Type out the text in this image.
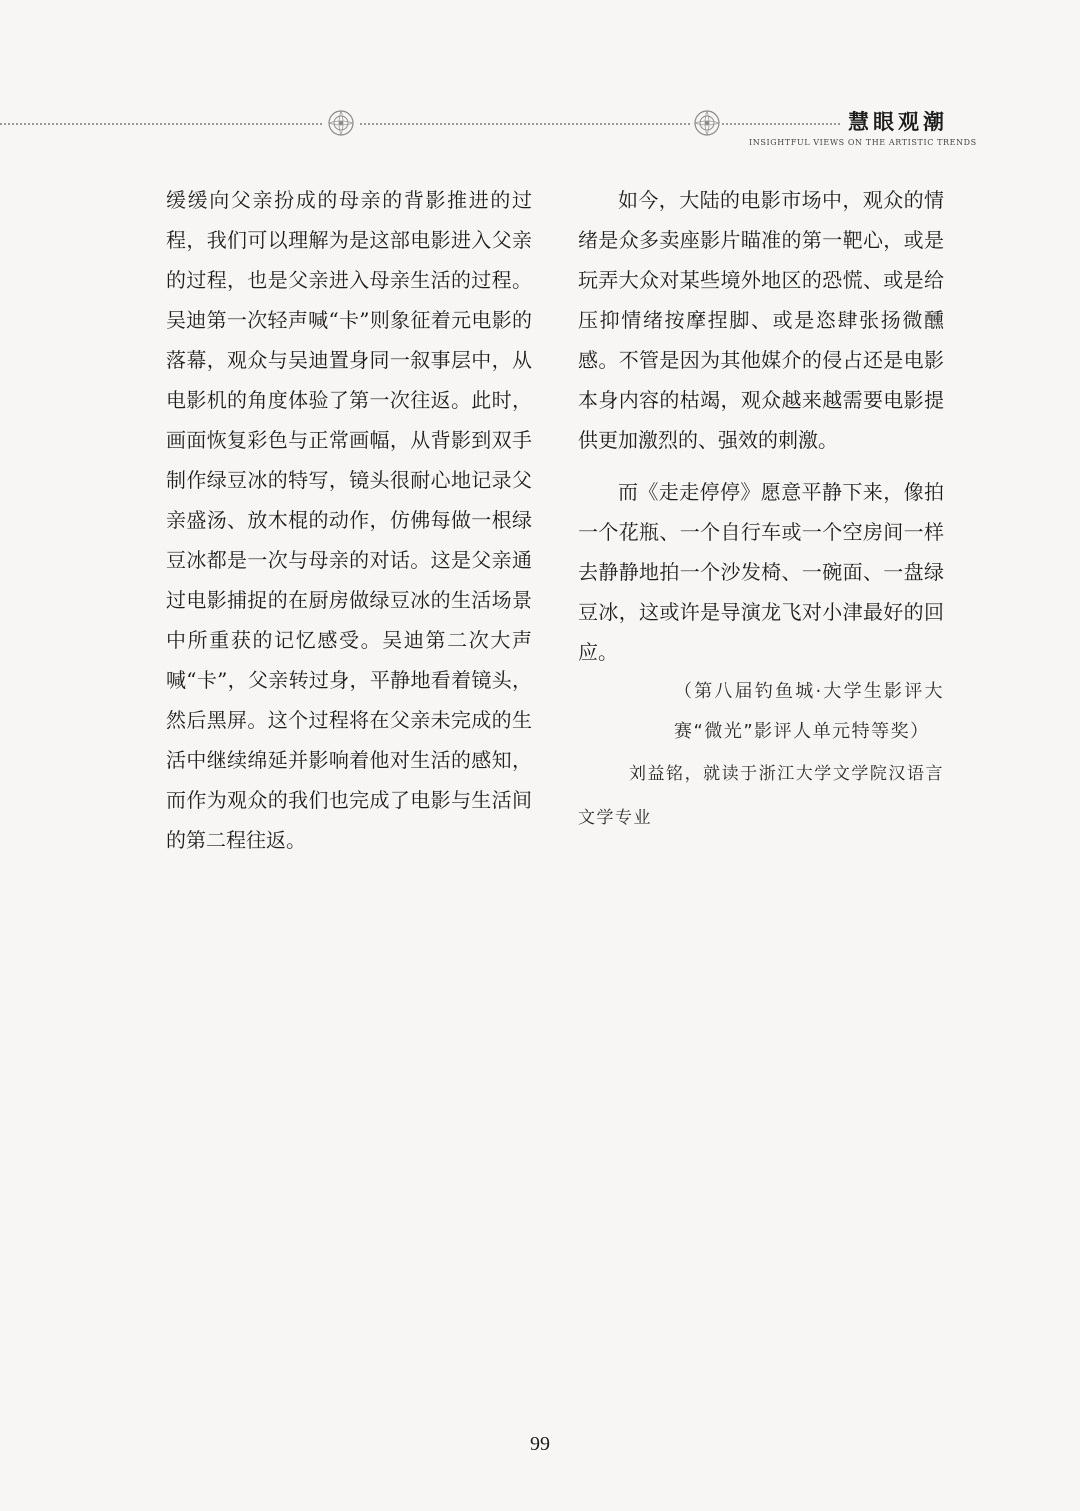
慧眼观潮
INSIGHTFUL VIEWS ON THE ARTISTIC TRENDS

缓缓向父亲扮成的母亲的背影推进的过程，我们可以理解为是这部电影进入父亲的过程，也是父亲进入母亲生活的过程。吴迪第一次轻声喊“卡”则象征着元电影的落幕，观众与吴迪置身同一叙事层中，从电影机的角度体验了第一次往返。此时，画面恢复彩色与正常画幅，从背影到双手制作绿豆冰的特写，镜头很耐心地记录父亲盛汤、放木棍的动作，仿佛每做一根绿豆冰都是一次与母亲的对话。这是父亲通过电影捕捉的在厨房做绿豆冰的生活场景中所重获的记忆感受。吴迪第二次大声喊“卡”，父亲转过身，平静地看着镜头，然后黑屏。这个过程将在父亲未完成的生活中继续绵延并影响着他对生活的感知，而作为观众的我们也完成了电影与生活间的第二程往返。

如今，大陆的电影市场中，观众的情绪是众多卖座影片瞄准的第一靶心，或是玩弄大众对某些境外地区的恐慌、或是给压抑情绪按摩捏脚、或是恣肆张扬微醺感。不管是因为其他媒介的侵占还是电影本身内容的枯竭，观众越来越需要电影提供更加激烈的、强效的刺激。

而《走走停停》愿意平静下来，像拍一个花瓶、一个自行车或一个空房间一样去静静地拍一个沙发椅、一碗面、一盘绿豆冰，这或许是导演龙飞对小津最好的回应。

（第八届钓鱼城·大学生影评大赛“微光”影评人单元特等奖）

刘益铭，就读于浙江大学文学院汉语言文学专业

99
